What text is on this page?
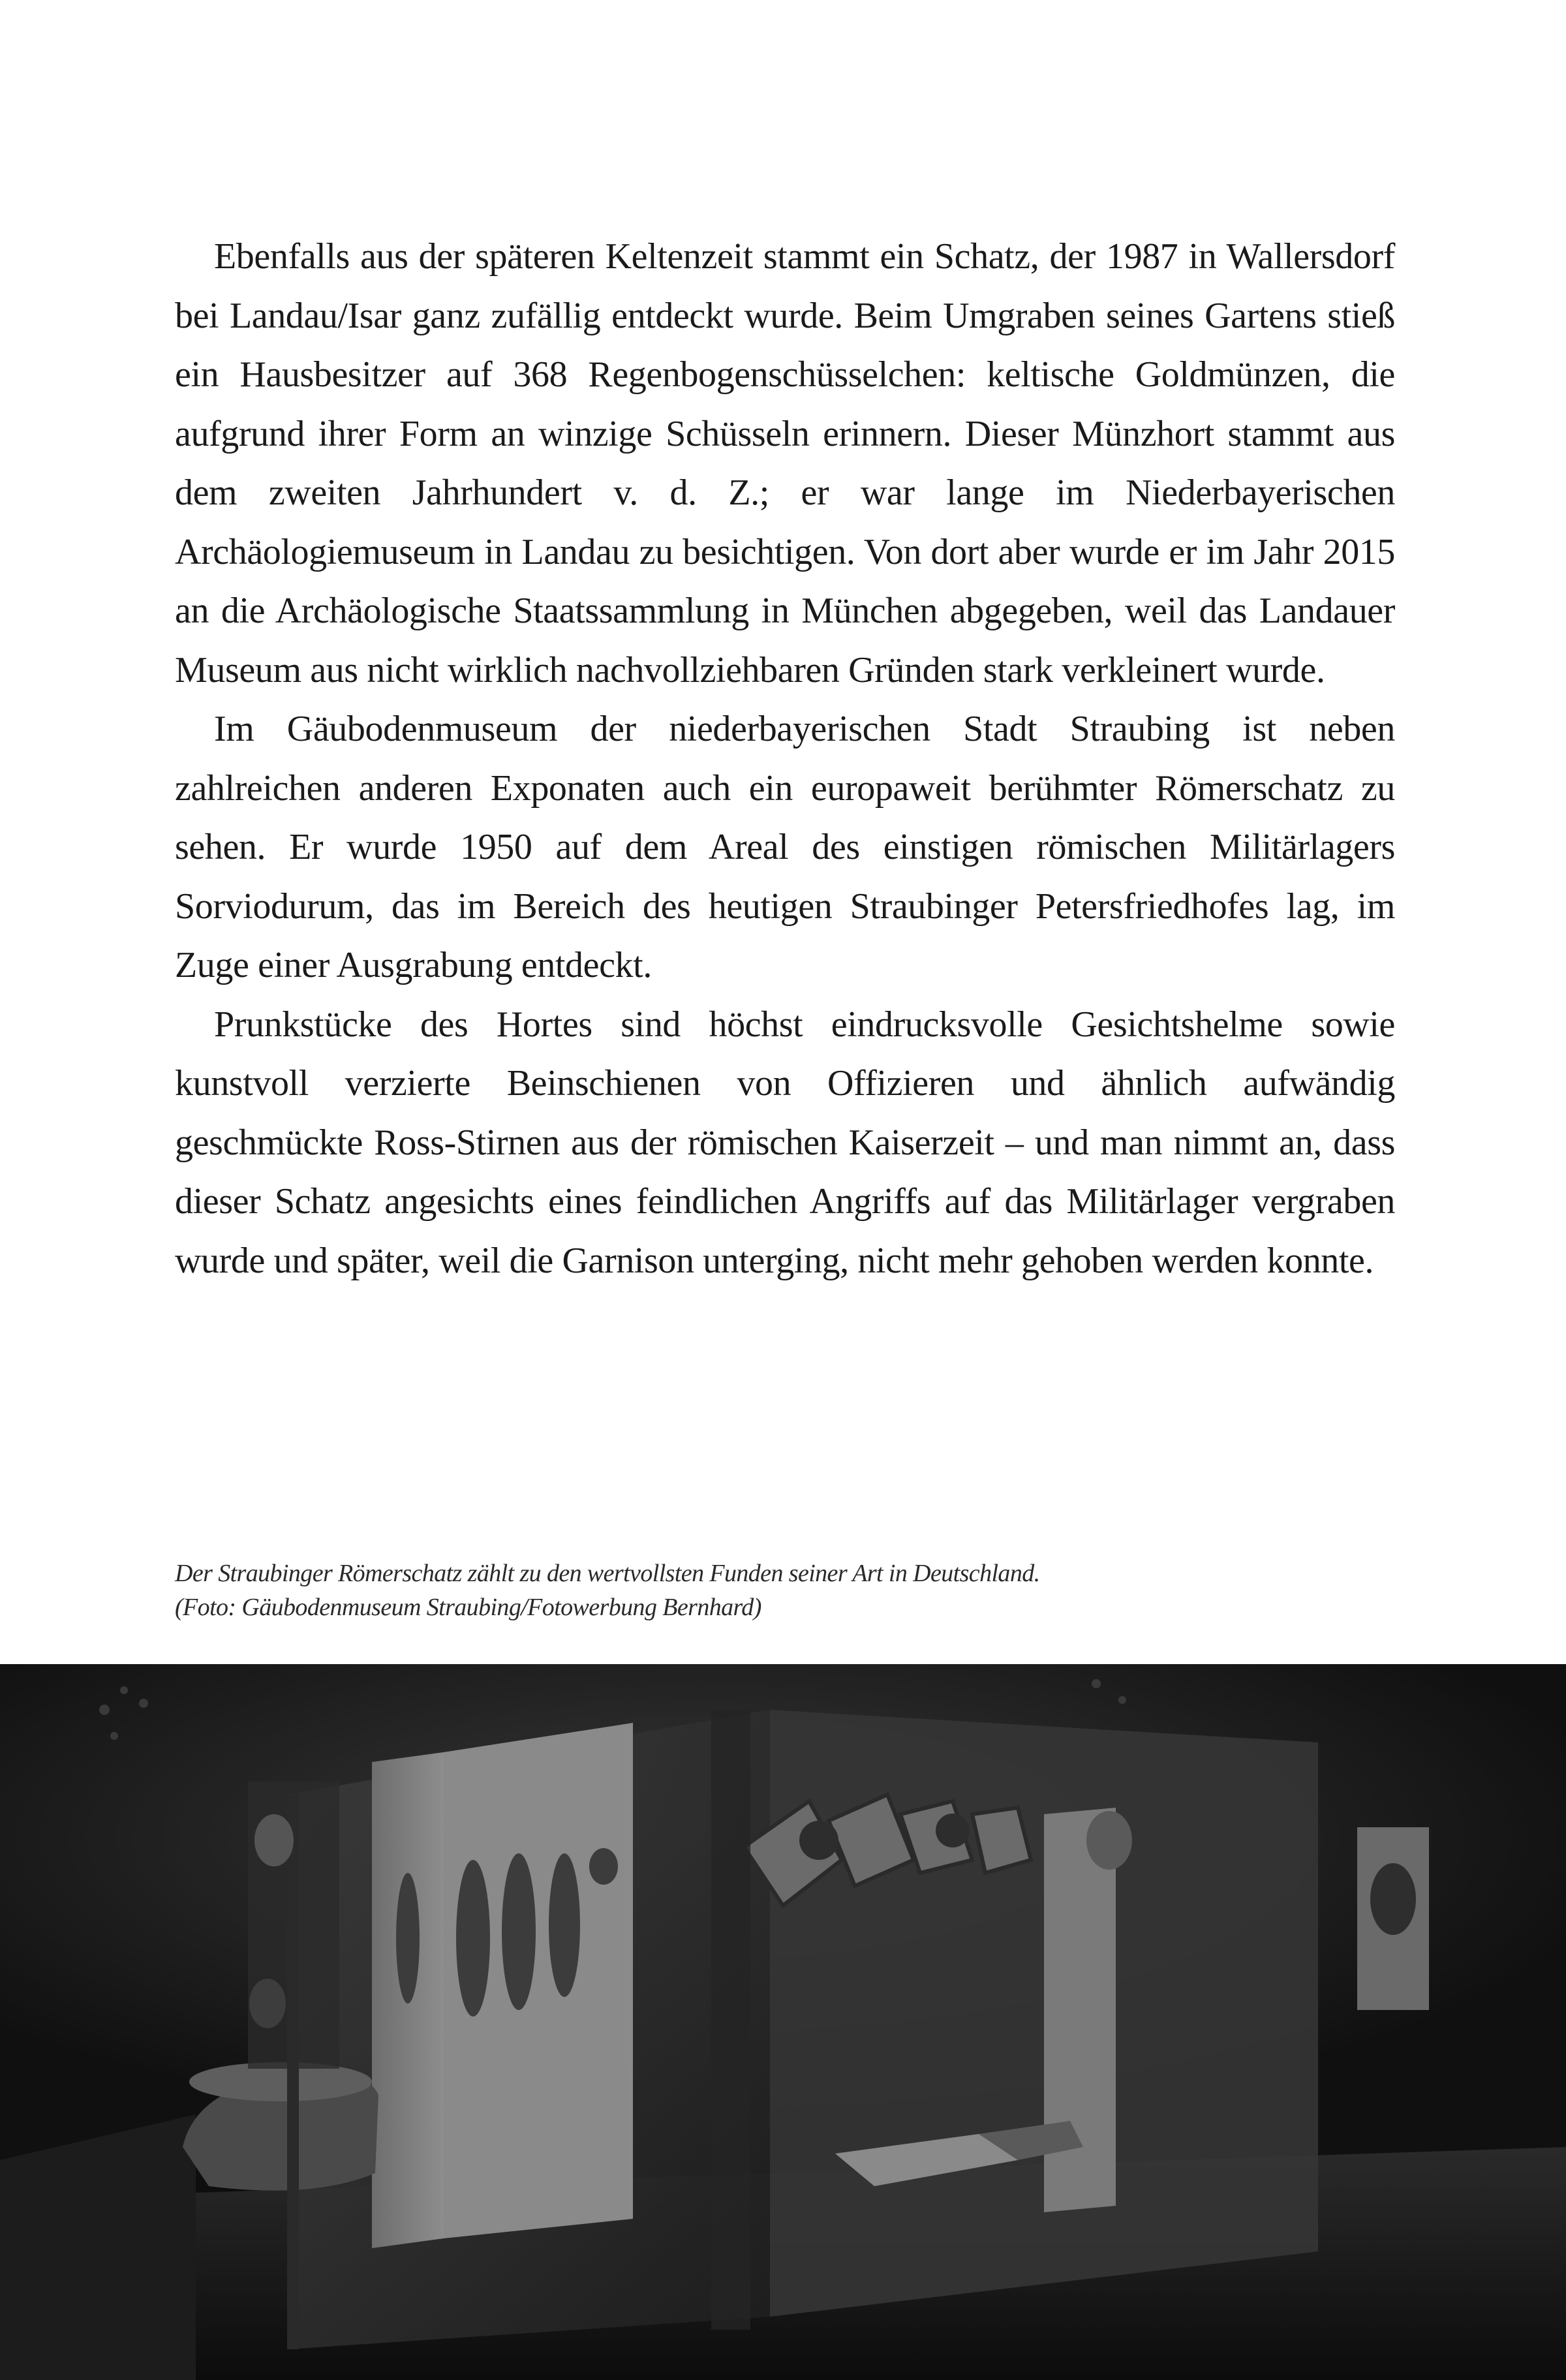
Ebenfalls aus der späteren Keltenzeit stammt ein Schatz, der 1987 in Wallersdorf bei Landau/Isar ganz zufällig entdeckt wurde. Beim Umgraben seines Gartens stieß ein Hausbesitzer auf 368 Regenbogenschüsselchen: keltische Goldmünzen, die aufgrund ihrer Form an winzige Schüsseln erinnern. Dieser Münzhort stammt aus dem zweiten Jahrhundert v. d. Z.; er war lange im Niederbayerischen Archäologiemuseum in Landau zu besichtigen. Von dort aber wurde er im Jahr 2015 an die Archäologische Staatssammlung in München abgegeben, weil das Landauer Museum aus nicht wirklich nachvollziehbaren Gründen stark verkleinert wurde.

Im Gäubodenmuseum der niederbayerischen Stadt Straubing ist neben zahlreichen anderen Exponaten auch ein europaweit berühmter Römerschatz zu sehen. Er wurde 1950 auf dem Areal des einstigen römischen Militärlagers Sorviodurum, das im Bereich des heutigen Straubinger Petersfriedhofes lag, im Zuge einer Ausgrabung entdeckt.

Prunkstücke des Hortes sind höchst eindrucksvolle Gesichtshelme sowie kunstvoll verzierte Beinschienen von Offizieren und ähnlich aufwändig geschmückte Ross-Stirnen aus der römischen Kaiserzeit – und man nimmt an, dass dieser Schatz angesichts eines feindlichen Angriffs auf das Militärlager vergraben wurde und später, weil die Garnison unterging, nicht mehr gehoben werden konnte.

Der Straubinger Römerschatz zählt zu den wertvollsten Funden seiner Art in Deutschland.
(Foto: Gäubodenmuseum Straubing/Fotowerbung Bernhard)
